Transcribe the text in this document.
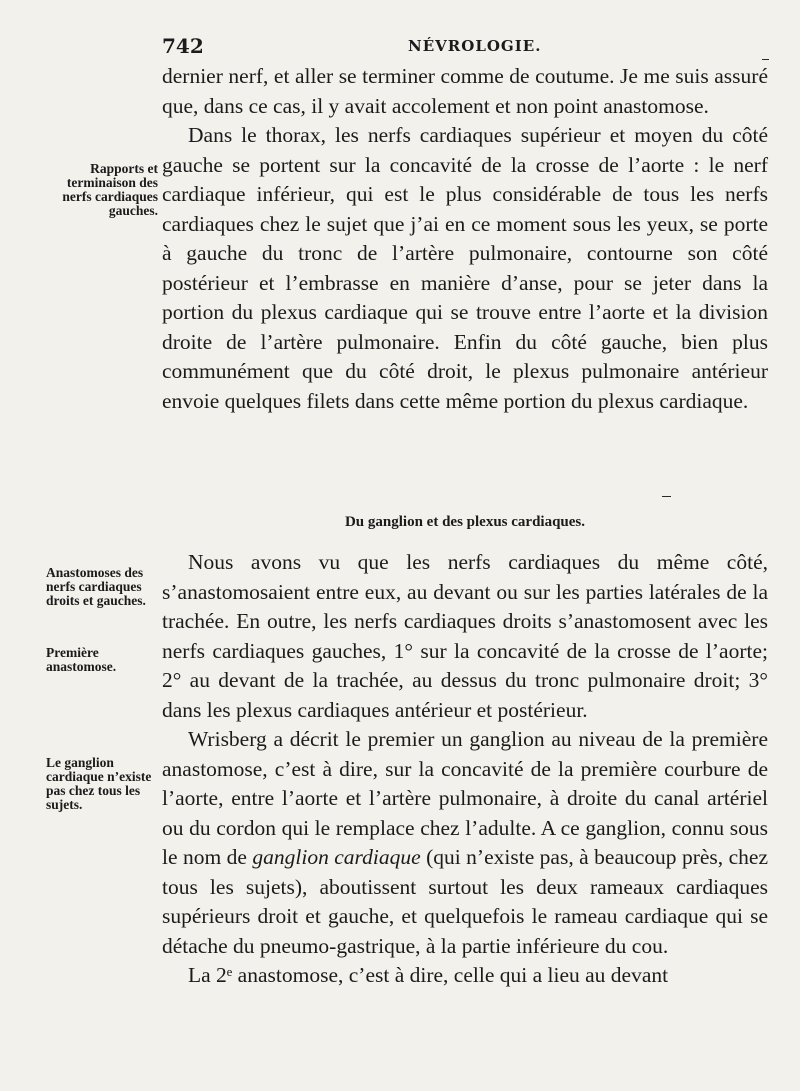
742	NÉVROLOGIE.

dernier nerf, et aller se terminer comme de coutume. Je me suis assuré que, dans ce cas, il y avait accolement et non point anastomose.

Dans le thorax, les nerfs cardiaques supérieur et moyen du côté gauche se portent sur la concavité de la crosse de l’aorte : le nerf cardiaque inférieur, qui est le plus considérable de tous les nerfs cardiaques chez le sujet que j’ai en ce moment sous les yeux, se porte à gauche du tronc de l’artère pulmonaire, contourne son côté postérieur et l’embrasse en manière d’anse, pour se jeter dans la portion du plexus cardiaque qui se trouve entre l’aorte et la division droite de l’artère pulmonaire. Enfin du côté gauche, bien plus communément que du côté droit, le plexus pulmonaire antérieur envoie quelques filets dans cette même portion du plexus cardiaque.

Du ganglion et des plexus cardiaques.

Nous avons vu que les nerfs cardiaques du même côté, s’anastomosaient entre eux, au devant ou sur les parties latérales de la trachée. En outre, les nerfs cardiaques droits s’anastomosent avec les nerfs cardiaques gauches, 1° sur la concavité de la crosse de l’aorte; 2° au devant de la trachée, au dessus du tronc pulmonaire droit; 3° dans les plexus cardiaques antérieur et postérieur.

Wrisberg a décrit le premier un ganglion au niveau de la première anastomose, c’est à dire, sur la concavité de la première courbure de l’aorte, entre l’aorte et l’artère pulmonaire, à droite du canal artériel ou du cordon qui le remplace chez l’adulte. A ce ganglion, connu sous le nom de ganglion cardiaque (qui n’existe pas, à beaucoup près, chez tous les sujets), aboutissent surtout les deux rameaux cardiaques supérieurs droit et gauche, et quelquefois le rameau cardiaque qui se détache du pneumo-gastrique, à la partie inférieure du cou.

La 2ᵉ anastomose, c’est à dire, celle qui a lieu au devant

Rapports et terminaison des nerfs cardiaques gauches.
Anastomoses des nerfs cardiaques droits et gauches.
Première anastomose.
Le ganglion cardiaque n’existe pas chez tous les sujets.
